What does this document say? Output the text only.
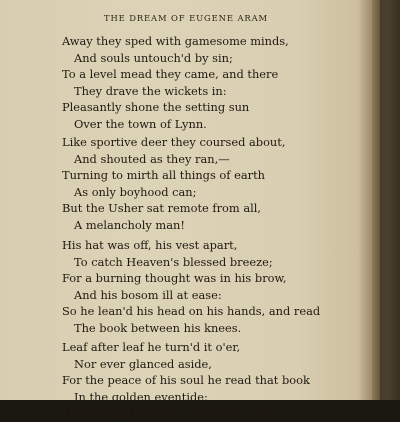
THE DREAM OF EUGENE ARAM

Away they sped with gamesome minds,
And souls untouch'd by sin;
To a level mead they came, and there
They drave the wickets in:
Pleasantly shone the setting sun
Over the town of Lynn.
Like sportive deer they coursed about,
And shouted as they ran,—
Turning to mirth all things of earth
As only boyhood can;
But the Usher sat remote from all,
A melancholy man!
His hat was off, his vest apart,
To catch Heaven's blessed breeze;
For a burning thought was in his brow,
And his bosom ill at ease:
So he lean'd his head on his hands, and read
The book between his knees.
Leaf after leaf he turn'd it o'er,
Nor ever glanced aside,
For the peace of his soul he read that book
In the golden eventide:
Much study had made him very lean
